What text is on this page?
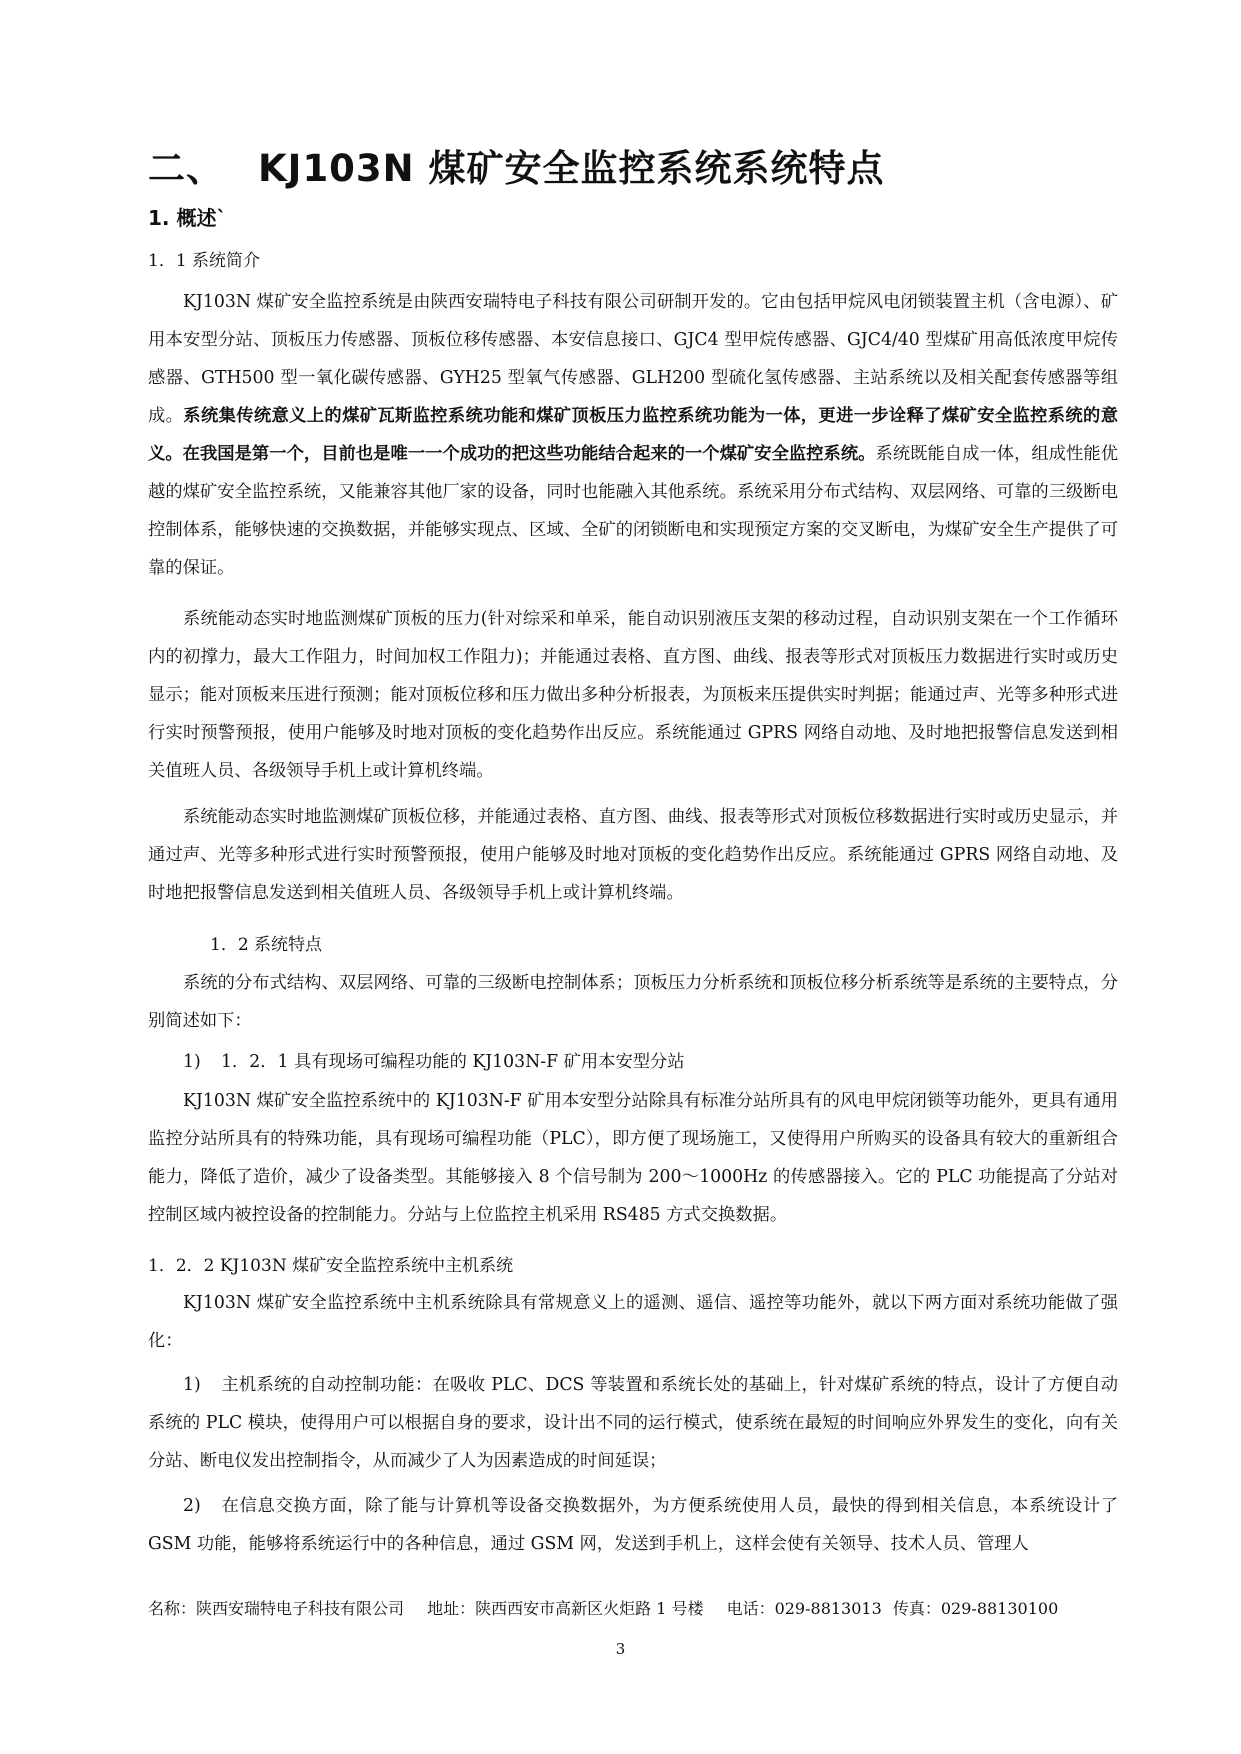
二、 KJ103N 煤矿安全监控系统系统特点
1. 概述`

1．1 系统简介

KJ103N 煤矿安全监控系统是由陕西安瑞特电子科技有限公司研制开发的。它由包括甲烷风电闭锁装置主机（含电源）、矿用本安型分站、顶板压力传感器、顶板位移传感器、本安信息接口、GJC4 型甲烷传感器、GJC4/40 型煤矿用高低浓度甲烷传感器、GTH500 型一氧化碳传感器、GYH25 型氧气传感器、GLH200 型硫化氢传感器、主站系统以及相关配套传感器等组成。系统集传统意义上的煤矿瓦斯监控系统功能和煤矿顶板压力监控系统功能为一体，更进一步诠释了煤矿安全监控系统的意义。在我国是第一个，目前也是唯一一个成功的把这些功能结合起来的一个煤矿安全监控系统。系统既能自成一体，组成性能优越的煤矿安全监控系统，又能兼容其他厂家的设备，同时也能融入其他系统。系统采用分布式结构、双层网络、可靠的三级断电控制体系，能够快速的交换数据，并能够实现点、区域、全矿的闭锁断电和实现预定方案的交叉断电，为煤矿安全生产提供了可靠的保证。

系统能动态实时地监测煤矿顶板的压力(针对综采和单采，能自动识别液压支架的移动过程，自动识别支架在一个工作循环内的初撑力，最大工作阻力，时间加权工作阻力)；并能通过表格、直方图、曲线、报表等形式对顶板压力数据进行实时或历史显示；能对顶板来压进行预测；能对顶板位移和压力做出多种分析报表，为顶板来压提供实时判据；能通过声、光等多种形式进行实时预警预报，使用户能够及时地对顶板的变化趋势作出反应。系统能通过 GPRS 网络自动地、及时地把报警信息发送到相关值班人员、各级领导手机上或计算机终端。

系统能动态实时地监测煤矿顶板位移，并能通过表格、直方图、曲线、报表等形式对顶板位移数据进行实时或历史显示，并通过声、光等多种形式进行实时预警预报，使用户能够及时地对顶板的变化趋势作出反应。系统能通过 GPRS 网络自动地、及时地把报警信息发送到相关值班人员、各级领导手机上或计算机终端。

1．2 系统特点

系统的分布式结构、双层网络、可靠的三级断电控制体系；顶板压力分析系统和顶板位移分析系统等是系统的主要特点，分别简述如下：

1) 1．2．1 具有现场可编程功能的 KJ103N-F 矿用本安型分站

KJ103N 煤矿安全监控系统中的 KJ103N-F 矿用本安型分站除具有标准分站所具有的风电甲烷闭锁等功能外，更具有通用监控分站所具有的特殊功能，具有现场可编程功能（PLC），即方便了现场施工，又使得用户所购买的设备具有较大的重新组合能力，降低了造价，减少了设备类型。其能够接入 8 个信号制为 200～1000Hz 的传感器接入。它的 PLC 功能提高了分站对控制区域内被控设备的控制能力。分站与上位监控主机采用 RS485 方式交换数据。

1．2．2 KJ103N 煤矿安全监控系统中主机系统

KJ103N 煤矿安全监控系统中主机系统除具有常规意义上的遥测、遥信、遥控等功能外，就以下两方面对系统功能做了强化：

1) 主机系统的自动控制功能：在吸收 PLC、DCS 等装置和系统长处的基础上，针对煤矿系统的特点，设计了方便自动系统的 PLC 模块，使得用户可以根据自身的要求，设计出不同的运行模式，使系统在最短的时间响应外界发生的变化，向有关分站、断电仪发出控制指令，从而减少了人为因素造成的时间延误；

2) 在信息交换方面，除了能与计算机等设备交换数据外，为方便系统使用人员，最快的得到相关信息，本系统设计了 GSM 功能，能够将系统运行中的各种信息，通过 GSM 网，发送到手机上，这样会使有关领导、技术人员、管理人

名称：陕西安瑞特电子科技有限公司 地址：陕西西安市高新区火炬路 1 号楼 电话：029-8813013 传真：029-88130100
3
